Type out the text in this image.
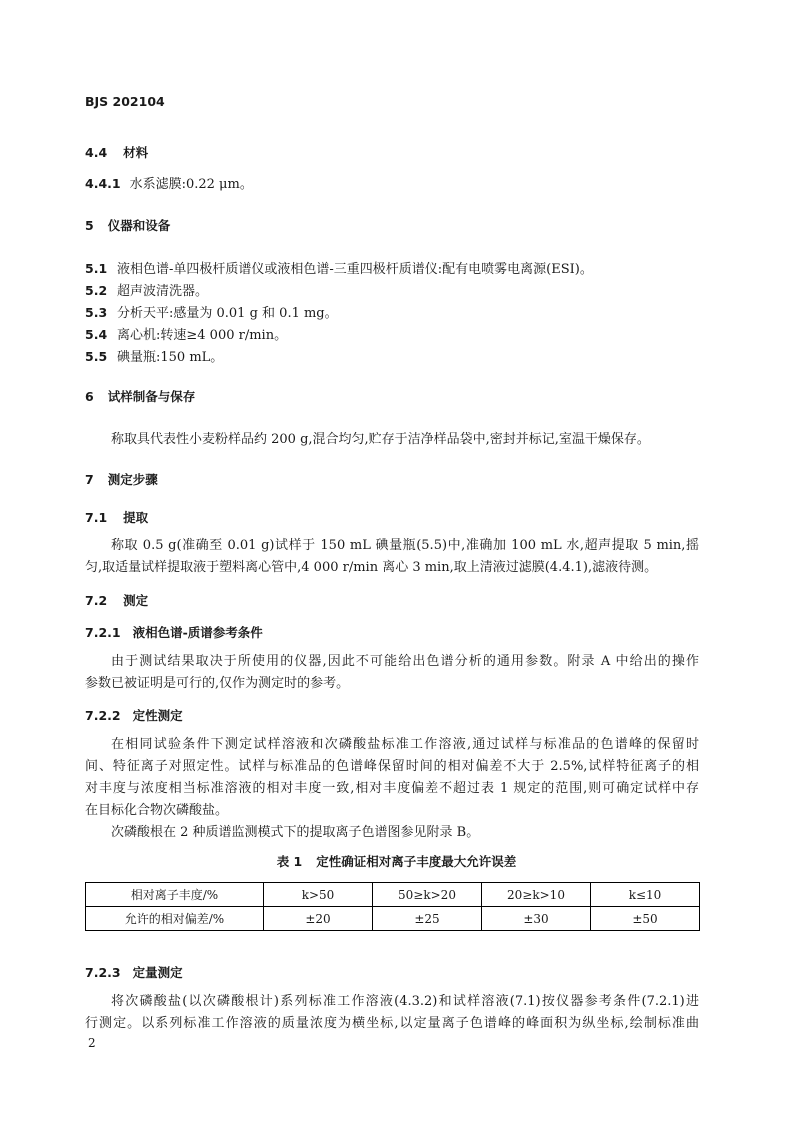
BJS 202104
4.4 材料
4.4.1 水系滤膜:0.22 μm。
5 仪器和设备
5.1 液相色谱-单四极杆质谱仪或液相色谱-三重四极杆质谱仪:配有电喷雾电离源(ESI)。
5.2 超声波清洗器。
5.3 分析天平:感量为 0.01 g 和 0.1 mg。
5.4 离心机:转速≥4 000 r/min。
5.5 碘量瓶:150 mL。
6 试样制备与保存
称取具代表性小麦粉样品约 200 g,混合均匀,贮存于洁净样品袋中,密封并标记,室温干燥保存。
7 测定步骤
7.1 提取
称取 0.5 g(准确至 0.01 g)试样于 150 mL 碘量瓶(5.5)中,准确加 100 mL 水,超声提取 5 min,摇
匀,取适量试样提取液于塑料离心管中,4 000 r/min 离心 3 min,取上清液过滤膜(4.4.1),滤液待测。
7.2 测定
7.2.1 液相色谱-质谱参考条件
由于测试结果取决于所使用的仪器,因此不可能给出色谱分析的通用参数。附录 A 中给出的操作
参数已被证明是可行的,仅作为测定时的参考。
7.2.2 定性测定
在相同试验条件下测定试样溶液和次磷酸盐标准工作溶液,通过试样与标准品的色谱峰的保留时
间、特征离子对照定性。试样与标准品的色谱峰保留时间的相对偏差不大于 2.5%,试样特征离子的相
对丰度与浓度相当标准溶液的相对丰度一致,相对丰度偏差不超过表 1 规定的范围,则可确定试样中存
在目标化合物次磷酸盐。
次磷酸根在 2 种质谱监测模式下的提取离子色谱图参见附录 B。
表 1 定性确证相对离子丰度最大允许误差
相对离子丰度/%	k>50	50≥k>20	20≥k>10	k≤10
允许的相对偏差/%	±20	±25	±30	±50
7.2.3 定量测定
将次磷酸盐(以次磷酸根计)系列标准工作溶液(4.3.2)和试样溶液(7.1)按仪器参考条件(7.2.1)进
行测定。以系列标准工作溶液的质量浓度为横坐标,以定量离子色谱峰的峰面积为纵坐标,绘制标准曲
2
